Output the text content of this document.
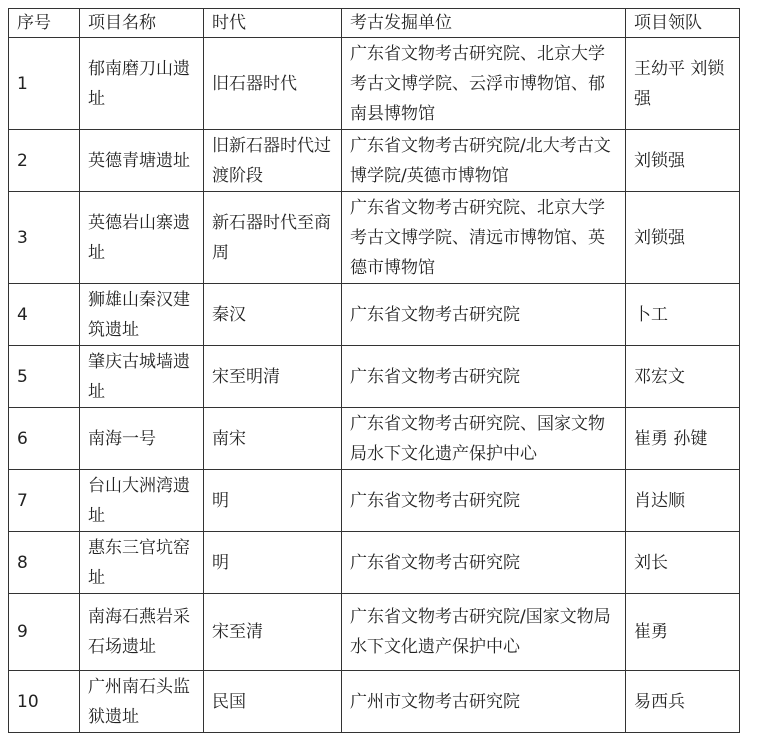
序号	项目名称	时代	考古发掘单位	项目领队
1	郁南磨刀山遗址	旧石器时代	广东省文物考古研究院、北京大学考古文博学院、云浮市博物馆、郁南县博物馆	王幼平 刘锁强
2	英德青塘遗址	旧新石器时代过渡阶段	广东省文物考古研究院/北大考古文博学院/英德市博物馆	刘锁强
3	英德岩山寨遗址	新石器时代至商周	广东省文物考古研究院、北京大学考古文博学院、清远市博物馆、英德市博物馆	刘锁强
4	狮雄山秦汉建筑遗址	秦汉	广东省文物考古研究院	卜工
5	肇庆古城墙遗址	宋至明清	广东省文物考古研究院	邓宏文
6	南海一号	南宋	广东省文物考古研究院、国家文物局水下文化遗产保护中心	崔勇 孙键
7	台山大洲湾遗址	明	广东省文物考古研究院	肖达顺
8	惠东三官坑窑址	明	广东省文物考古研究院	刘长
9	南海石燕岩采石场遗址	宋至清	广东省文物考古研究院/国家文物局水下文化遗产保护中心	崔勇
10	广州南石头监狱遗址	民国	广州市文物考古研究院	易西兵
